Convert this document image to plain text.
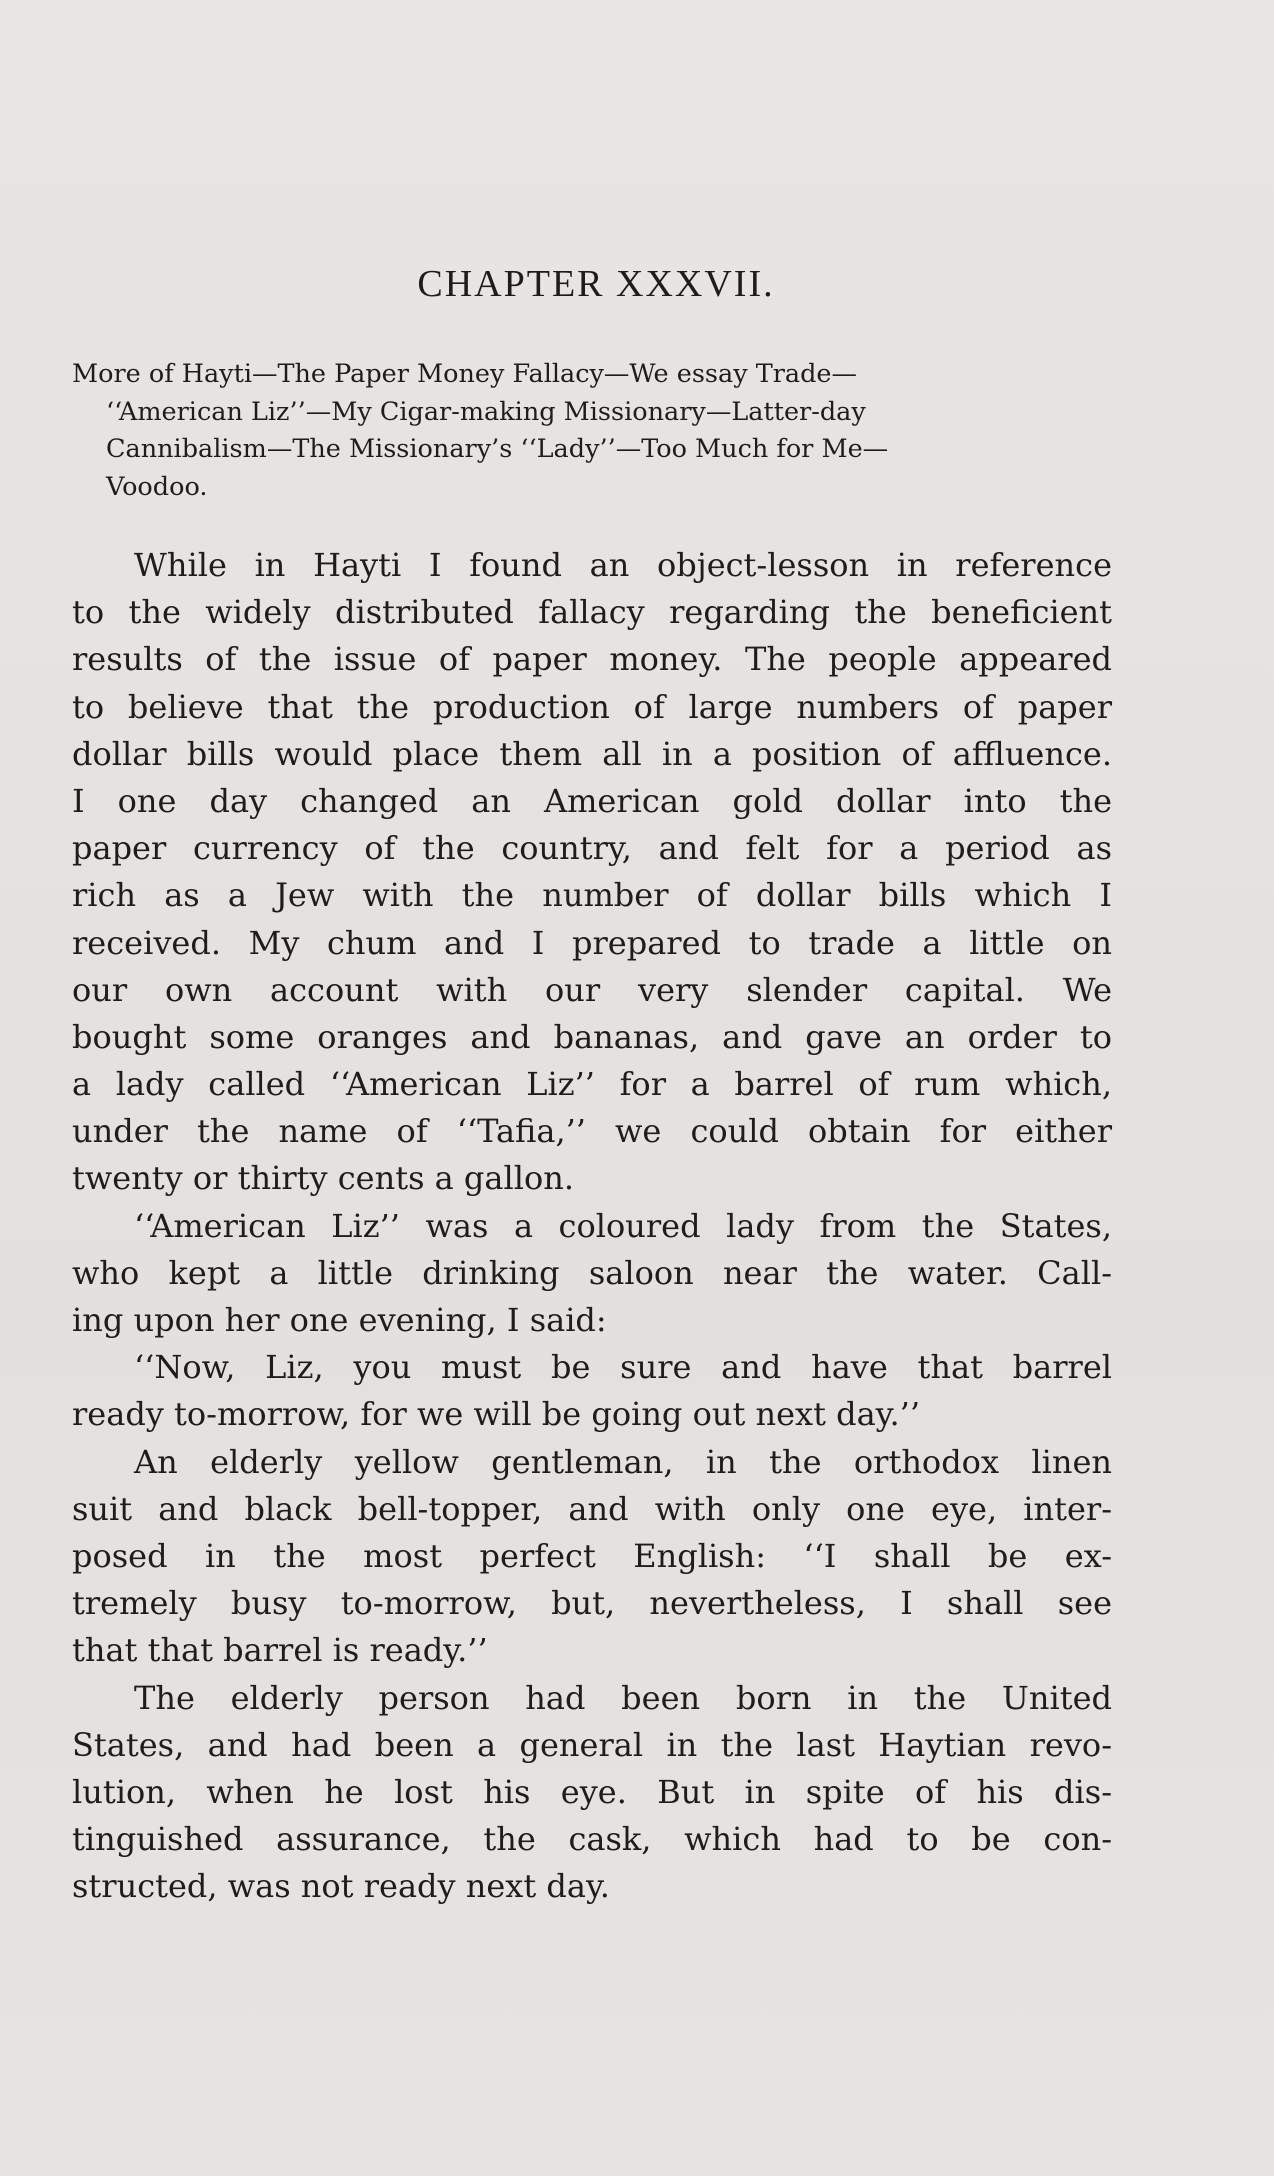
CHAPTER XXXVII.

More of Hayti—The Paper Money Fallacy—We essay Trade—
‘‘American Liz’’—My Cigar-making Missionary—Latter-day
Cannibalism—The Missionary’s ‘‘Lady’’—Too Much for Me—
Voodoo.

While in Hayti I found an object-lesson in reference
to the widely distributed fallacy regarding the beneficient
results of the issue of paper money. The people appeared
to believe that the production of large numbers of paper
dollar bills would place them all in a position of affluence.
I one day changed an American gold dollar into the
paper currency of the country, and felt for a period as
rich as a Jew with the number of dollar bills which I
received. My chum and I prepared to trade a little on
our own account with our very slender capital. We
bought some oranges and bananas, and gave an order to
a lady called ‘‘American Liz’’ for a barrel of rum which,
under the name of ‘‘Tafia,’’ we could obtain for either
twenty or thirty cents a gallon.
‘‘American Liz’’ was a coloured lady from the States,
who kept a little drinking saloon near the water. Call-
ing upon her one evening, I said:
‘‘Now, Liz, you must be sure and have that barrel
ready to-morrow, for we will be going out next day.’’
An elderly yellow gentleman, in the orthodox linen
suit and black bell-topper, and with only one eye, inter-
posed in the most perfect English: ‘‘I shall be ex-
tremely busy to-morrow, but, nevertheless, I shall see
that that barrel is ready.’’
The elderly person had been born in the United
States, and had been a general in the last Haytian revo-
lution, when he lost his eye. But in spite of his dis-
tinguished assurance, the cask, which had to be con-
structed, was not ready next day.
